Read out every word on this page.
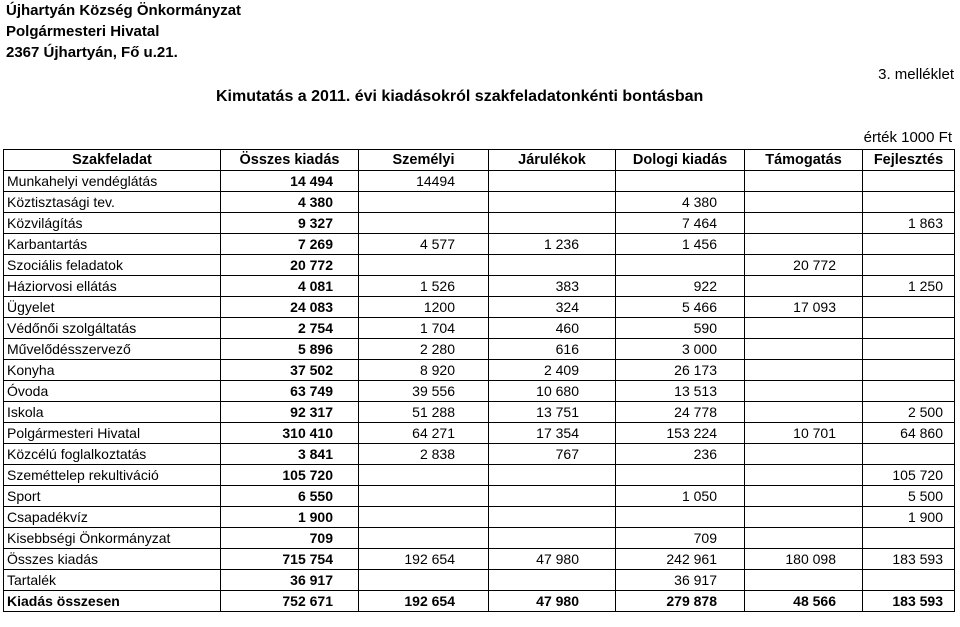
Újhartyán Község Önkormányzat
Polgármesteri Hivatal
2367 Újhartyán, Fő u.21.
3. melléklet
Kimutatás a 2011. évi kiadásokról szakfeladatonkénti bontásban
érték 1000 Ft
Szakfeladat	Összes kiadás	Személyi	Járulékok	Dologi kiadás	Támogatás	Fejlesztés
Munkahelyi vendéglátás	14 494	14494				
Köztisztasági tev.	4 380			4 380		
Közvilágítás	9 327			7 464		1 863
Karbantartás	7 269	4 577	1 236	1 456		
Szociális feladatok	20 772				20 772	
Háziorvosi ellátás	4 081	1 526	383	922		1 250
Ügyelet	24 083	1200	324	5 466	17 093	
Védőnői szolgáltatás	2 754	1 704	460	590		
Művelődésszervező	5 896	2 280	616	3 000		
Konyha	37 502	8 920	2 409	26 173		
Óvoda	63 749	39 556	10 680	13 513		
Iskola	92 317	51 288	13 751	24 778		2 500
Polgármesteri Hivatal	310 410	64 271	17 354	153 224	10 701	64 860
Közcélú foglalkoztatás	3 841	2 838	767	236		
Szeméttelep rekultiváció	105 720					105 720
Sport	6 550			1 050		5 500
Csapadékvíz	1 900					1 900
Kisebbségi Önkormányzat	709			709		
Összes kiadás	715 754	192 654	47 980	242 961	180 098	183 593
Tartalék	36 917			36 917		
Kiadás összesen	752 671	192 654	47 980	279 878	48 566	183 593
